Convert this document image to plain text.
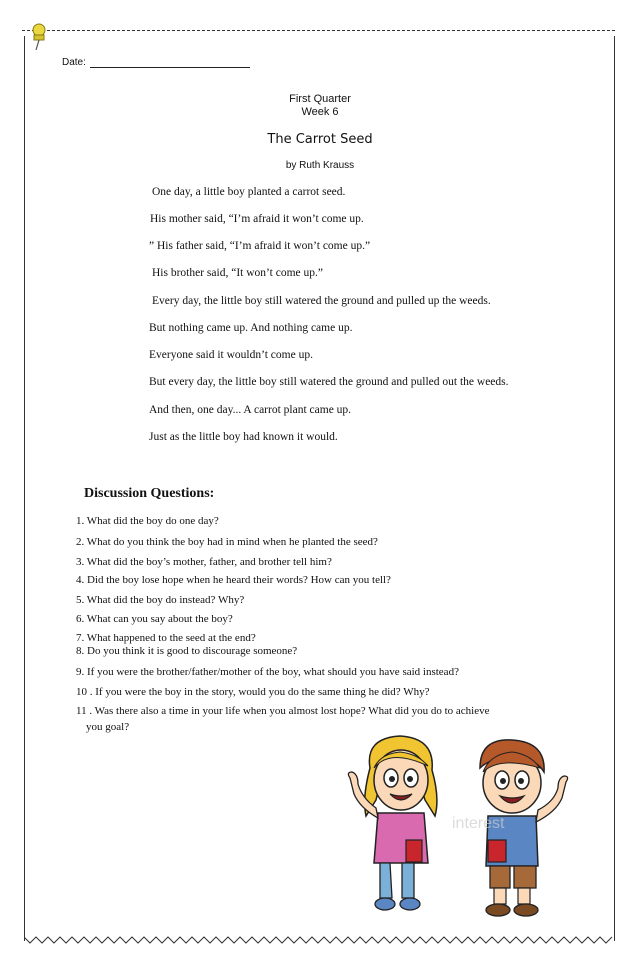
Date:
First Quarter
Week 6
The Carrot Seed
by Ruth Krauss
One day, a little boy planted a carrot seed.
His mother said, “I’m afraid it won’t come up.
” His father said, “I’m afraid it won’t come up.”
His brother said, “It won’t come up.”
Every day, the little boy still watered the ground and pulled up the weeds.
But nothing came up. And nothing came up.
Everyone said it wouldn’t come up.
But every day, the little boy still watered the ground and pulled out the weeds.
And then, one day... A carrot plant came up.
Just as the little boy had known it would.
Discussion Questions:
1. What did the boy do one day?
2. What do you think the boy had in mind when he planted the seed?
3. What did the boy’s mother, father, and brother tell him?
4. Did the boy lose hope when he heard their words? How can you tell?
5. What did the boy do instead? Why?
6. What can you say about the boy?
7. What happened to the seed at the end?
8. Do you think it is good to discourage someone?
9. If you were the brother/father/mother of the boy, what should you have said instead?
10 . If you were the boy in the story, would you do the same thing he did? Why?
11 . Was there also a time in your life when you almost lost hope? What did you do to achieve
you goal?
interest
